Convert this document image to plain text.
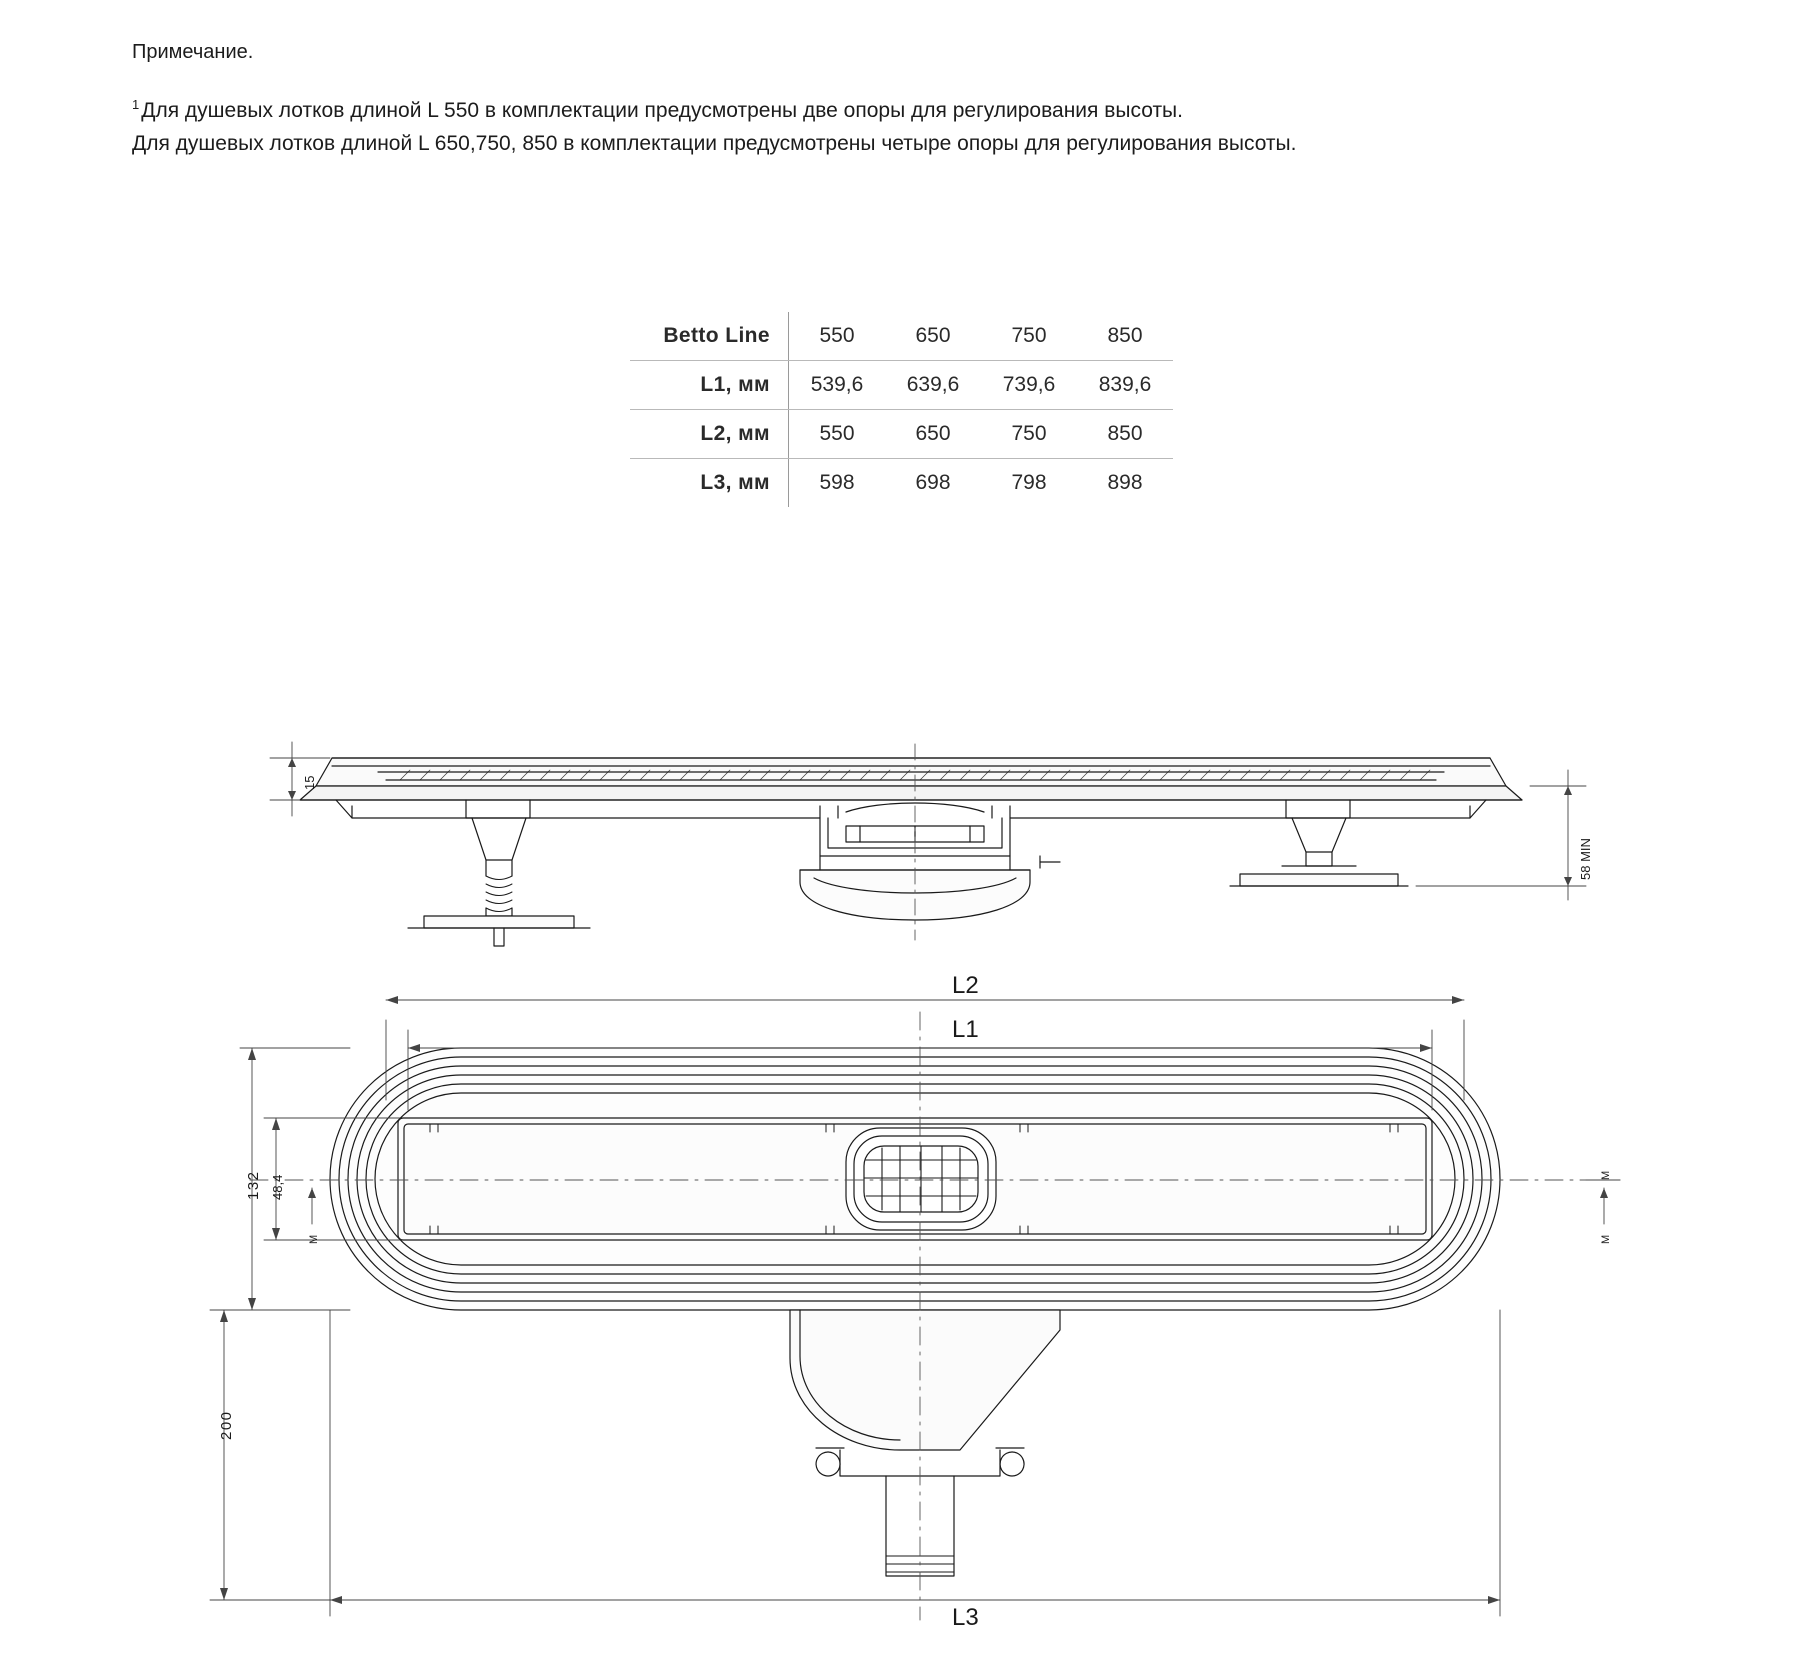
Примечание.
$^1$Для душевых лотков длиной L 550 в комплектации предусмотрены две опоры для регулирования высоты.
Для душевых лотков длиной L 650,750, 850 в комплектации предусмотрены четыре опоры для регулирования высоты.
Betto Line	550	650	750	850
L1, мм	539,6	639,6	739,6	839,6
L2, мм	550	650	750	850
L3, мм	598	698	798	898
15
58 MIN
L2
L1
L3
132 48,4
200
M	M
M
